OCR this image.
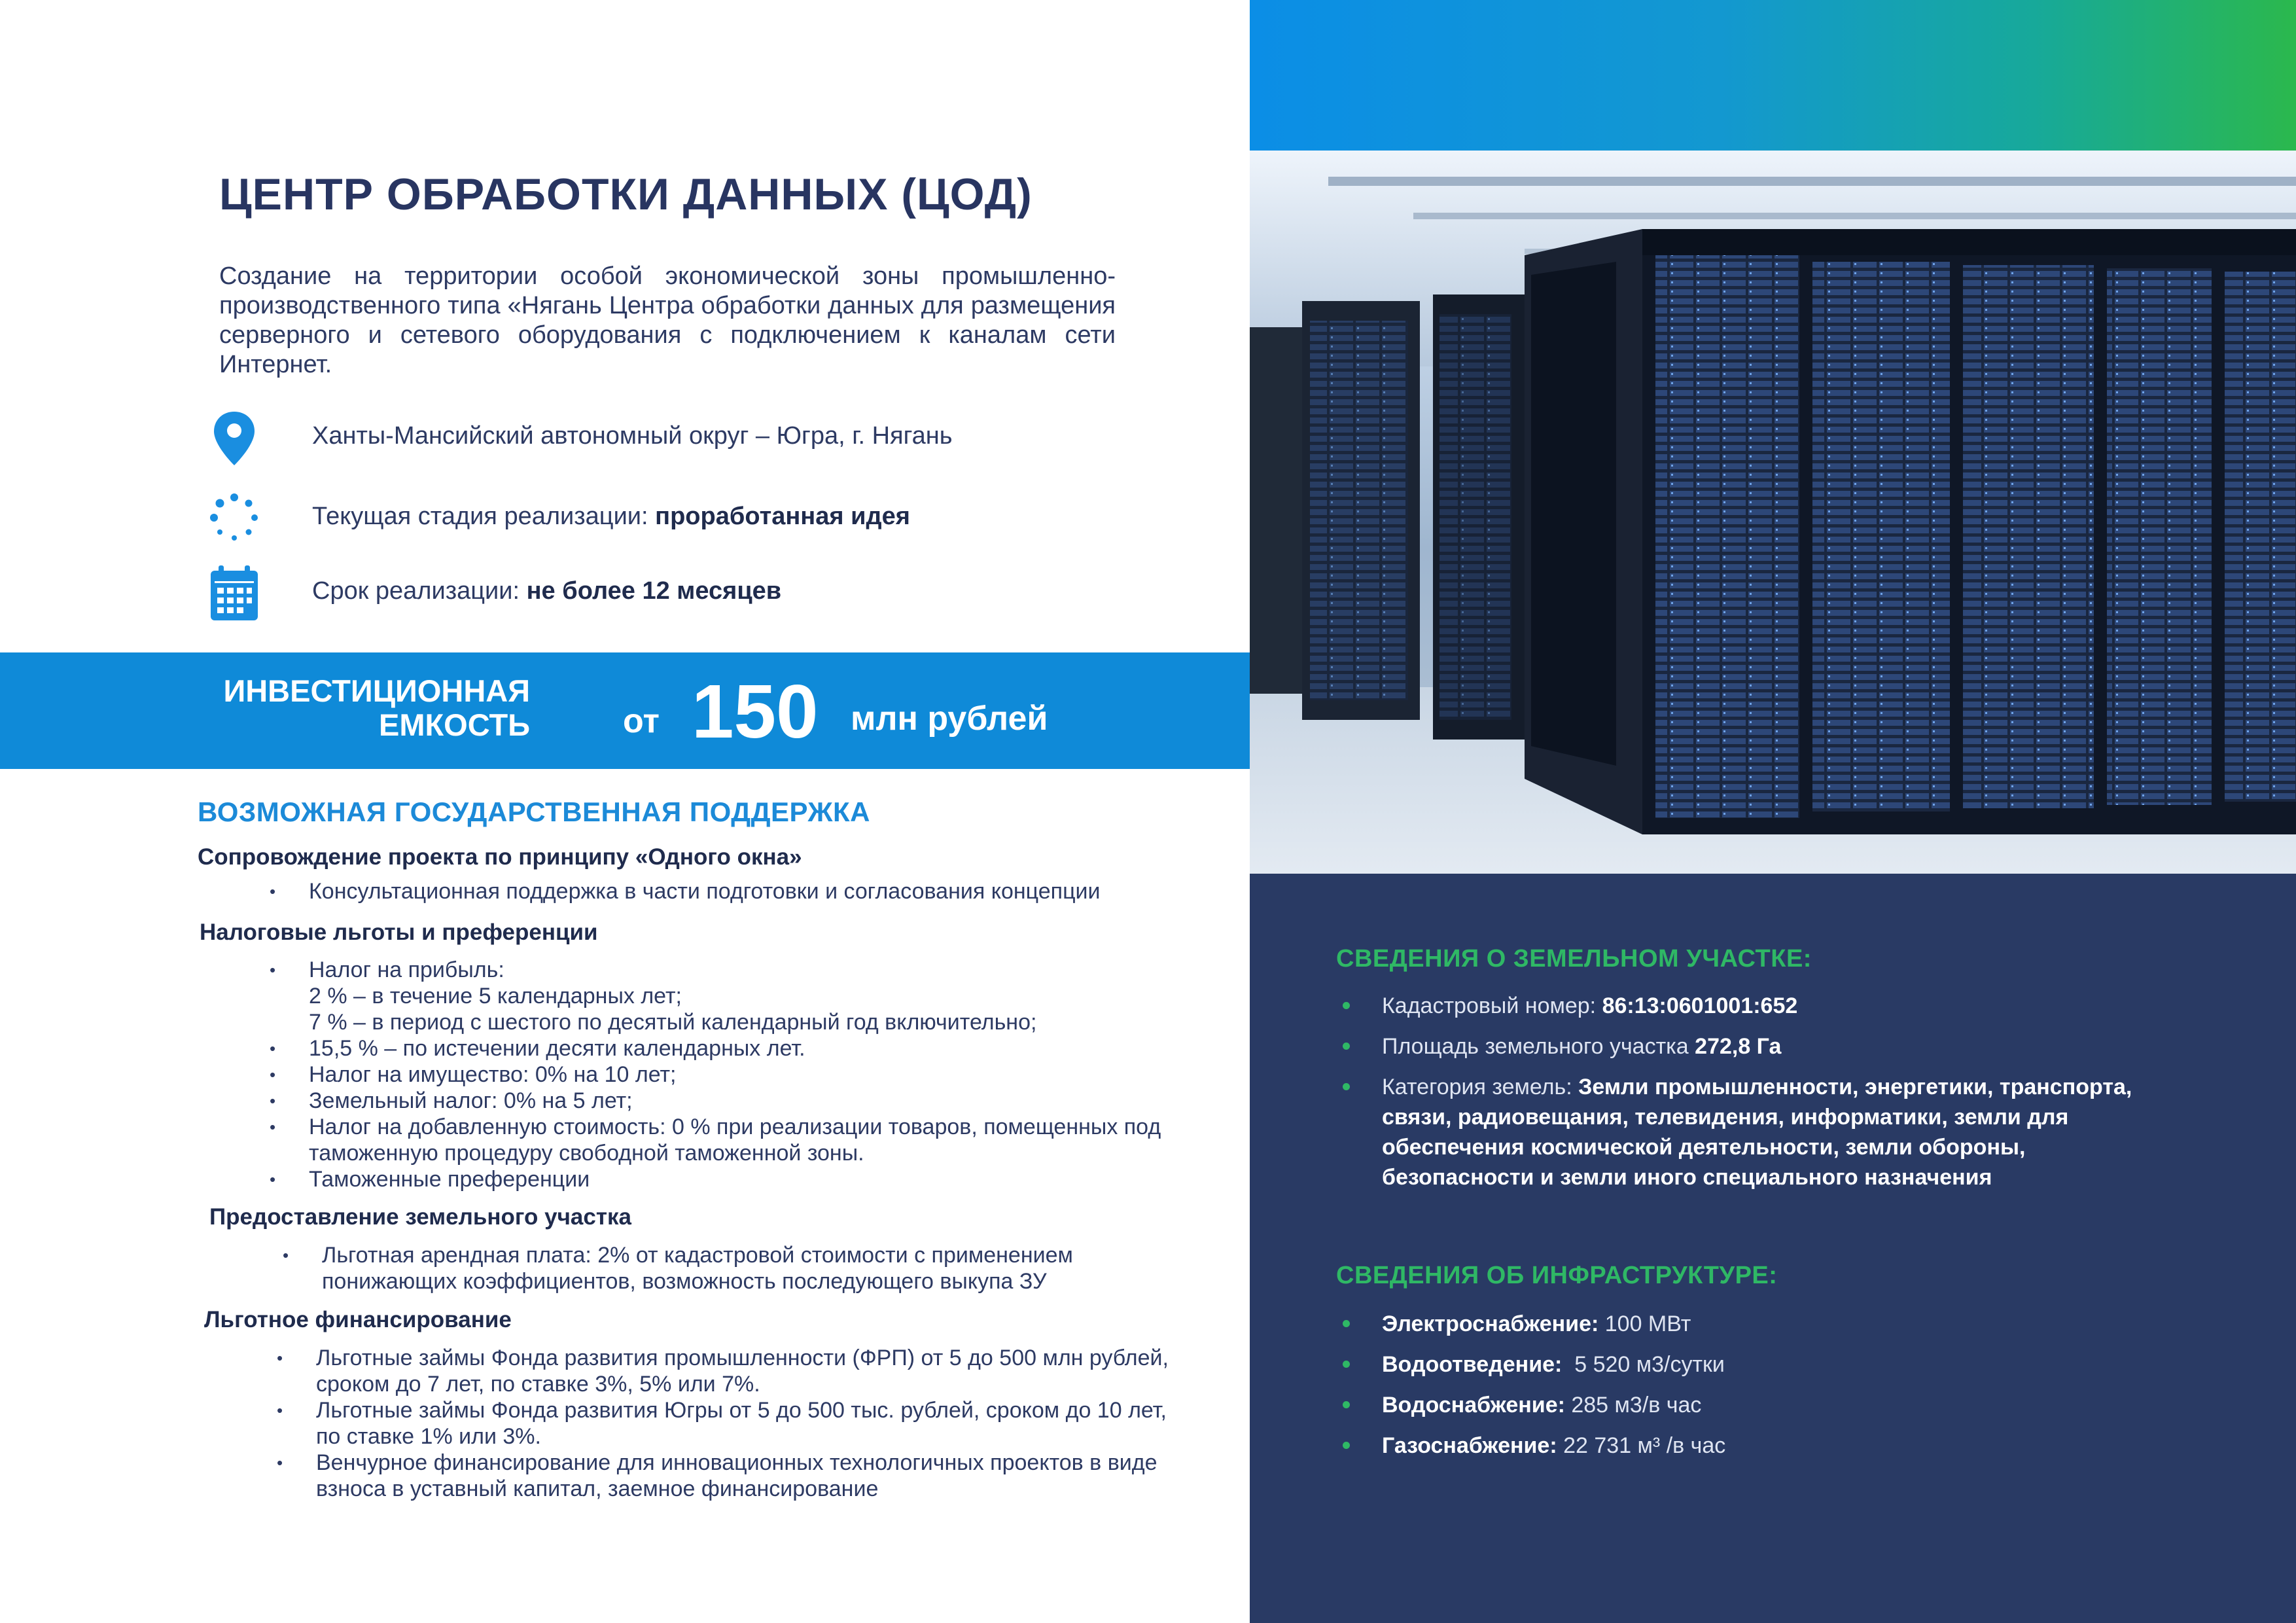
ЦЕНТР ОБРАБОТКИ ДАННЫХ (ЦОД)
Создание на территории особой экономической зоны промышленно-производственного типа «Нягань Центра обработки данных для размещения серверного и сетевого оборудования с подключением к каналам сети Интернет.
Ханты-Мансийский автономный округ – Югра, г. Нягань
Текущая стадия реализации: проработанная идея
Срок реализации: не более 12 месяцев
ИНВЕСТИЦИОННАЯ
ЕМКОСТЬ	от 150 млн рублей
ВОЗМОЖНАЯ ГОСУДАРСТВЕННАЯ ПОДДЕРЖКА
Сопровождение проекта по принципу «Одного окна»
• Консультационная поддержка в части подготовки и согласования концепции
Налоговые льготы и преференции
• Налог на прибыль:
2 % – в течение 5 календарных лет;
7 % – в период с шестого по десятый календарный год включительно;
• 15,5 % – по истечении десяти календарных лет.
• Налог на имущество: 0% на 10 лет;
• Земельный налог: 0% на 5 лет;
• Налог на добавленную стоимость: 0 % при реализации товаров, помещенных под таможенную процедуру свободной таможенной зоны.
• Таможенные преференции
Предоставление земельного участка
• Льготная арендная плата: 2% от кадастровой стоимости с применением понижающих коэффициентов, возможность последующего выкупа ЗУ
Льготное финансирование
• Льготные займы Фонда развития промышленности (ФРП) от 5 до 500 млн рублей, сроком до 7 лет, по ставке 3%, 5% или 7%.
• Льготные займы Фонда развития Югры от 5 до 500 тыс. рублей, сроком до 10 лет, по ставке 1% или 3%.
• Венчурное финансирование для инновационных технологичных проектов в виде взноса в уставный капитал, заемное финансирование
СВЕДЕНИЯ О ЗЕМЕЛЬНОМ УЧАСТКЕ:
Кадастровый номер: 86:13:0601001:652
Площадь земельного участка 272,8 Га
Категория земель: Земли промышленности, энергетики, транспорта, связи, радиовещания, телевидения, информатики, земли для обеспечения космической деятельности, земли обороны, безопасности и земли иного специального назначения
СВЕДЕНИЯ ОБ ИНФРАСТРУКТУРЕ:
Электроснабжение: 100 МВт
Водоотведение:  5 520 м3/сутки
Водоснабжение: 285 м3/в час
Газоснабжение: 22 731 м³ /в час
